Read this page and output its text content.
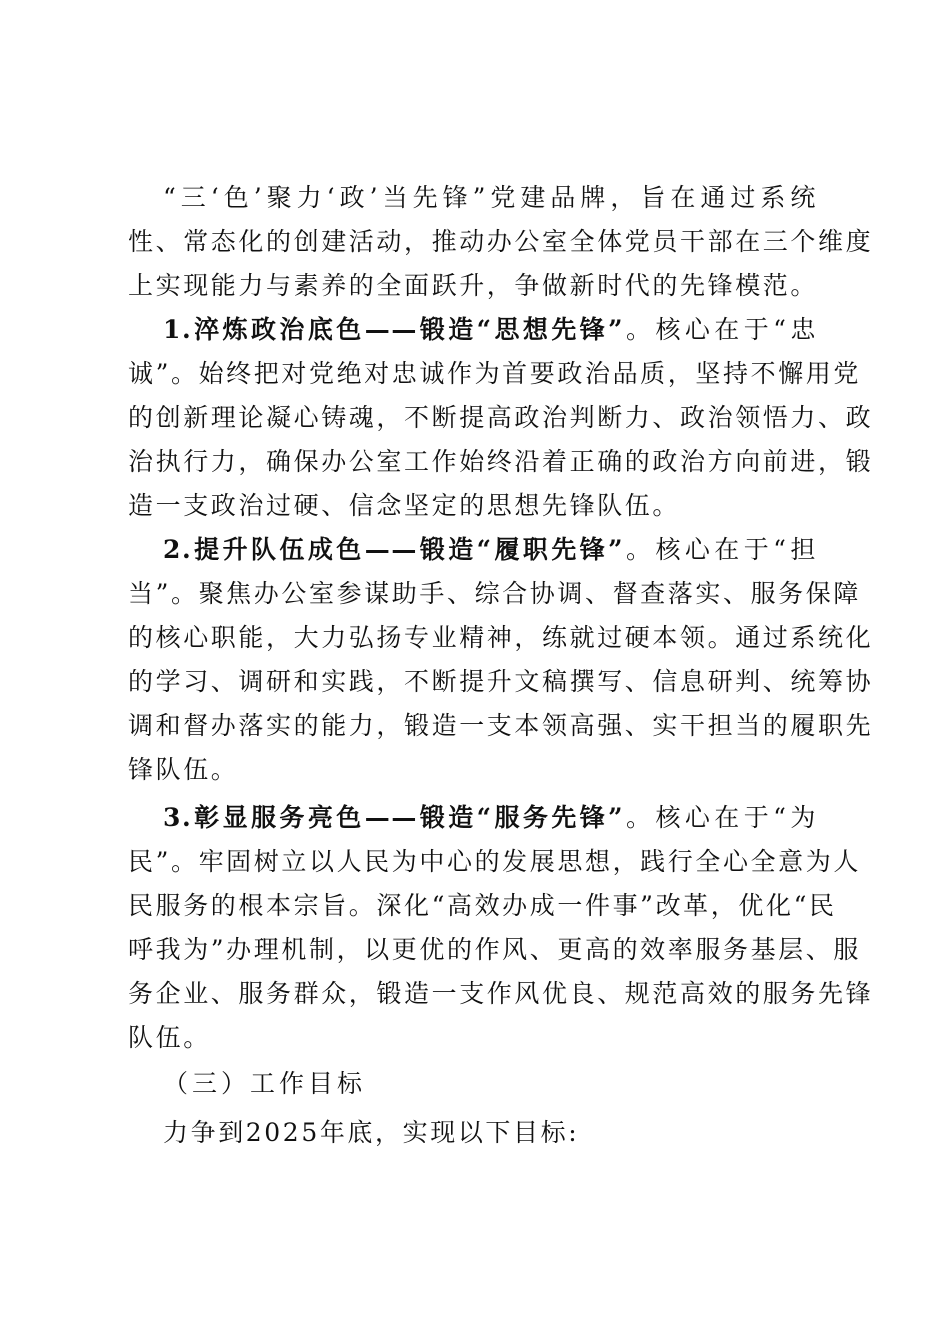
“三‘色’聚力‘政’当先锋”党建品牌，旨在通过系统
性、常态化的创建活动，推动办公室全体党员干部在三个维度
上实现能力与素养的全面跃升，争做新时代的先锋模范。
1.淬炼政治底色——锻造“思想先锋”。核心在于“忠
诚”。始终把对党绝对忠诚作为首要政治品质，坚持不懈用党
的创新理论凝心铸魂，不断提高政治判断力、政治领悟力、政
治执行力，确保办公室工作始终沿着正确的政治方向前进，锻
造一支政治过硬、信念坚定的思想先锋队伍。
2.提升队伍成色——锻造“履职先锋”。核心在于“担
当”。聚焦办公室参谋助手、综合协调、督查落实、服务保障
的核心职能，大力弘扬专业精神，练就过硬本领。通过系统化
的学习、调研和实践，不断提升文稿撰写、信息研判、统筹协
调和督办落实的能力，锻造一支本领高强、实干担当的履职先
锋队伍。
3.彰显服务亮色——锻造“服务先锋”。核心在于“为
民”。牢固树立以人民为中心的发展思想，践行全心全意为人
民服务的根本宗旨。深化“高效办成一件事”改革，优化“民
呼我为”办理机制，以更优的作风、更高的效率服务基层、服
务企业、服务群众，锻造一支作风优良、规范高效的服务先锋
队伍。
（三）工作目标
力争到2025年底，实现以下目标:
